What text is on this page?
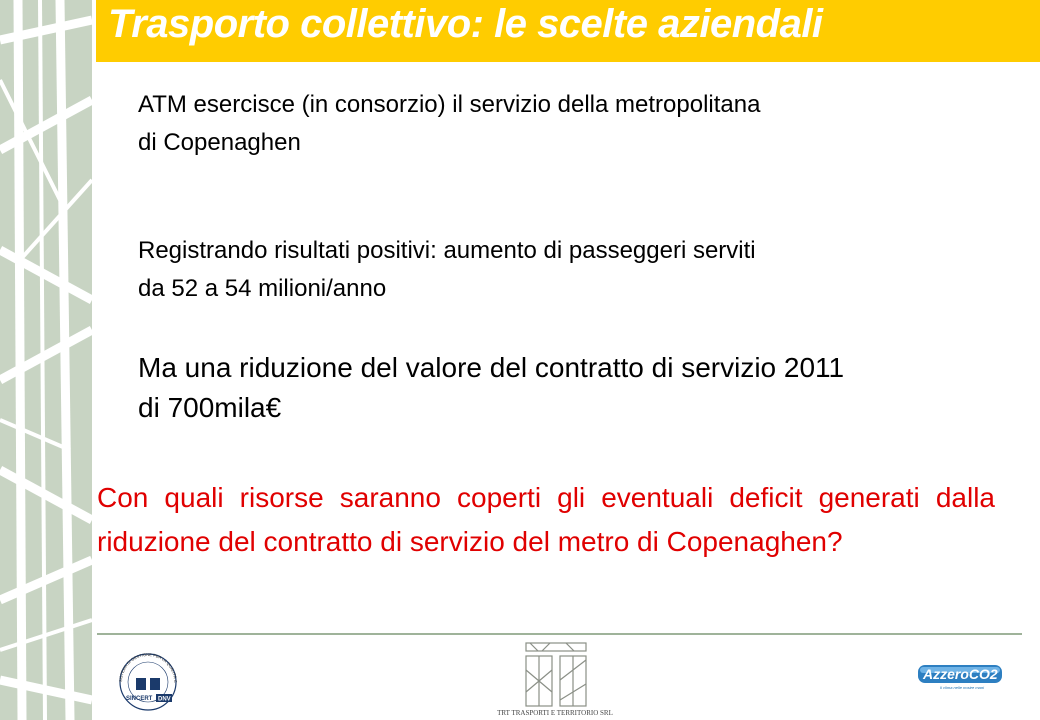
Trasporto collettivo: le scelte aziendali
ATM esercisce (in consorzio) il servizio della metropolitana
di Copenaghen
Registrando risultati positivi: aumento di passeggeri serviti
da 52 a 54 milioni/anno
Ma una riduzione del valore del contratto di servizio 2011
di 700mila€
Con quali risorse saranno coperti gli eventuali deficit generati dalla riduzione del contratto di servizio del metro di Copenaghen?
SISTEMA DI GESTIONE PER LA QUALITÀ C
SINCERT DNV
TRT TRASPORTI E TERRITORIO SRL
AzzeroCO2
Il clima nelle nostre mani
